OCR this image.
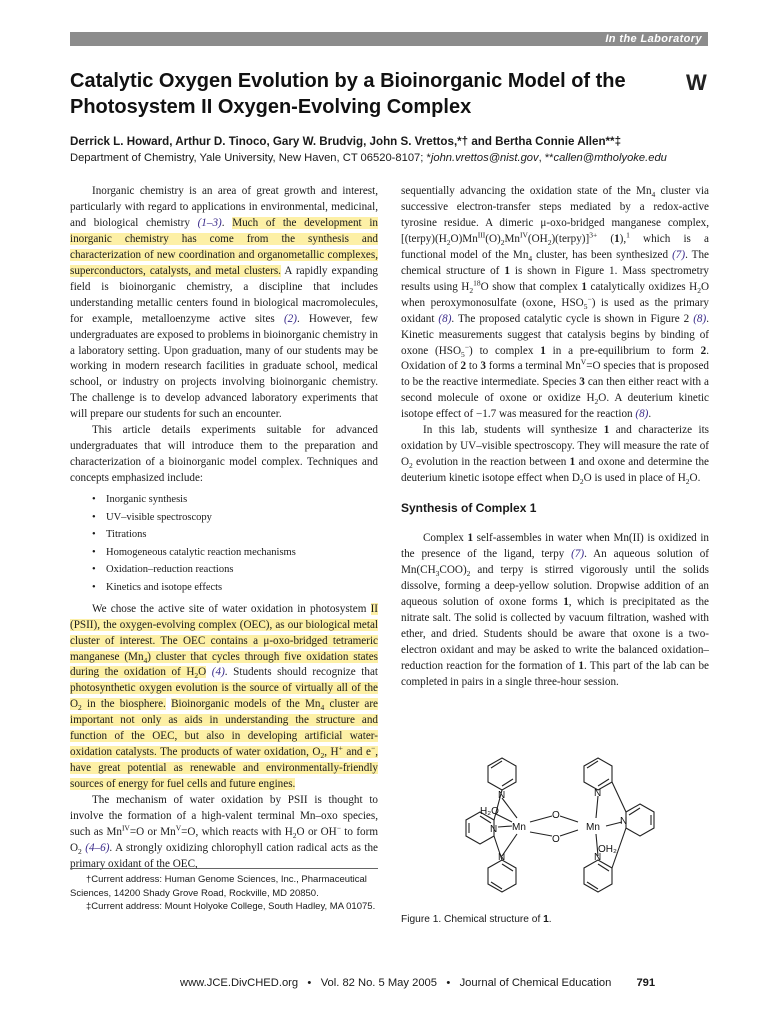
In the Laboratory
Catalytic Oxygen Evolution by a Bioinorganic Model of the Photosystem II Oxygen-Evolving Complex
W
Derrick L. Howard, Arthur D. Tinoco, Gary W. Brudvig, John S. Vrettos,*† and Bertha Connie Allen**‡
Department of Chemistry, Yale University, New Haven, CT 06520-8107; *john.vrettos@nist.gov, **callen@mtholyoke.edu

Inorganic chemistry is an area of great growth and interest, particularly with regard to applications in environmental, medicinal, and biological chemistry (1–3). Much of the development in inorganic chemistry has come from the synthesis and characterization of new coordination and organometallic complexes, superconductors, catalysts, and metal clusters. A rapidly expanding field is bioinorganic chemistry, a discipline that includes understanding metallic centers found in biological macromolecules, for example, metalloenzyme active sites (2). However, few undergraduates are exposed to problems in bioinorganic chemistry in a laboratory setting. Upon graduation, many of our students may be working in modern research facilities in graduate school, medical school, or industry on projects involving bioinorganic chemistry. The challenge is to develop advanced laboratory experiments that will prepare our students for such an encounter.

This article details experiments suitable for advanced undergraduates that will introduce them to the preparation and characterization of a bioinorganic model complex. Techniques and concepts emphasized include:

• Inorganic synthesis
• UV–visible spectroscopy
• Titrations
• Homogeneous catalytic reaction mechanisms
• Oxidation–reduction reactions
• Kinetics and isotope effects

We chose the active site of water oxidation in photosystem II (PSII), the oxygen-evolving complex (OEC), as our biological metal cluster of interest. The OEC contains a μ-oxo-bridged tetrameric manganese $(Mn_4)$ cluster that cycles through five oxidation states during the oxidation of $H_2O$ (4). Students should recognize that photosynthetic oxygen evolution is the source of virtually all of the $O_2$ in the biosphere. Bioinorganic models of the $Mn_4$ cluster are important not only as aids in understanding the structure and function of the OEC, but also in developing artificial water-oxidation catalysts. The products of water oxidation, $O_2$, H+ and e−, have great potential as renewable and environmentally-friendly sources of energy for fuel cells and future engines.

The mechanism of water oxidation by PSII is thought to involve the formation of a high-valent terminal Mn–oxo species, such as $Mn^{IV}=O$ or $Mn^V=O$, which reacts with $H_2O$ or OH− to form $O_2$ (4–6). A strongly oxidizing chlorophyll cation radical acts as the primary oxidant of the OEC,

†Current address: Human Genome Sciences, Inc., Pharmaceutical Sciences, 14200 Shady Grove Road, Rockville, MD 20850.

‡Current address: Mount Holyoke College, South Hadley, MA 01075.

sequentially advancing the oxidation state of the $Mn_4$ cluster via successive electron-transfer steps mediated by a redox-active tyrosine residue. A dimeric μ-oxo-bridged manganese complex, $[(terpy)(H_2O)Mn^{III}(O)_2Mn^{IV}(OH_2)(terpy)]^{3+}$ (1),$^1$ which is a functional model of the $Mn_4$ cluster, has been synthesized (7). The chemical structure of 1 is shown in Figure 1. Mass spectrometry results using $H_2^{18}O$ show that complex 1 catalytically oxidizes $H_2O$ when peroxymonosulfate (oxone, $HSO_5^-$) is used as the primary oxidant (8). The proposed catalytic cycle is shown in Figure 2 (8). Kinetic measurements suggest that catalysis begins by binding of oxone $(HSO_5^-)$ to complex 1 in a pre-equilibrium to form 2. Oxidation of 2 to 3 forms a terminal $Mn^V=O$ species that is proposed to be the reactive intermediate. Species 3 can then either react with a second molecule of oxone or oxidize $H_2O$. A deuterium kinetic isotope effect of −1.7 was measured for the reaction (8).

In this lab, students will synthesize 1 and characterize its oxidation by UV–visible spectroscopy. They will measure the rate of $O_2$ evolution in the reaction between 1 and oxone and determine the deuterium kinetic isotope effect when $D_2O$ is used in place of $H_2O$.

Synthesis of Complex 1

Complex 1 self-assembles in water when Mn(II) is oxidized in the presence of the ligand, terpy (7). An aqueous solution of $Mn(CH_3COO)_2$ and terpy is stirred vigorously until the solids dissolve, forming a deep-yellow solution. Dropwise addition of an aqueous solution of oxone forms 1, which is precipitated as the nitrate salt. The solid is collected by vacuum filtration, washed with ether, and dried. Students should be aware that oxone is a two-electron oxidant and may be asked to write the balanced oxidation–reduction reaction for the formation of 1. This part of the lab can be completed in pairs in a single three-hour session.

H₂O
N
N Mn
N
O
O
N
Mn
N
N
OH₂
Figure 1. Chemical structure of 1.
www.JCE.DivCHED.org   •   Vol. 82 No. 5 May 2005   •   Journal of Chemical Education 791
